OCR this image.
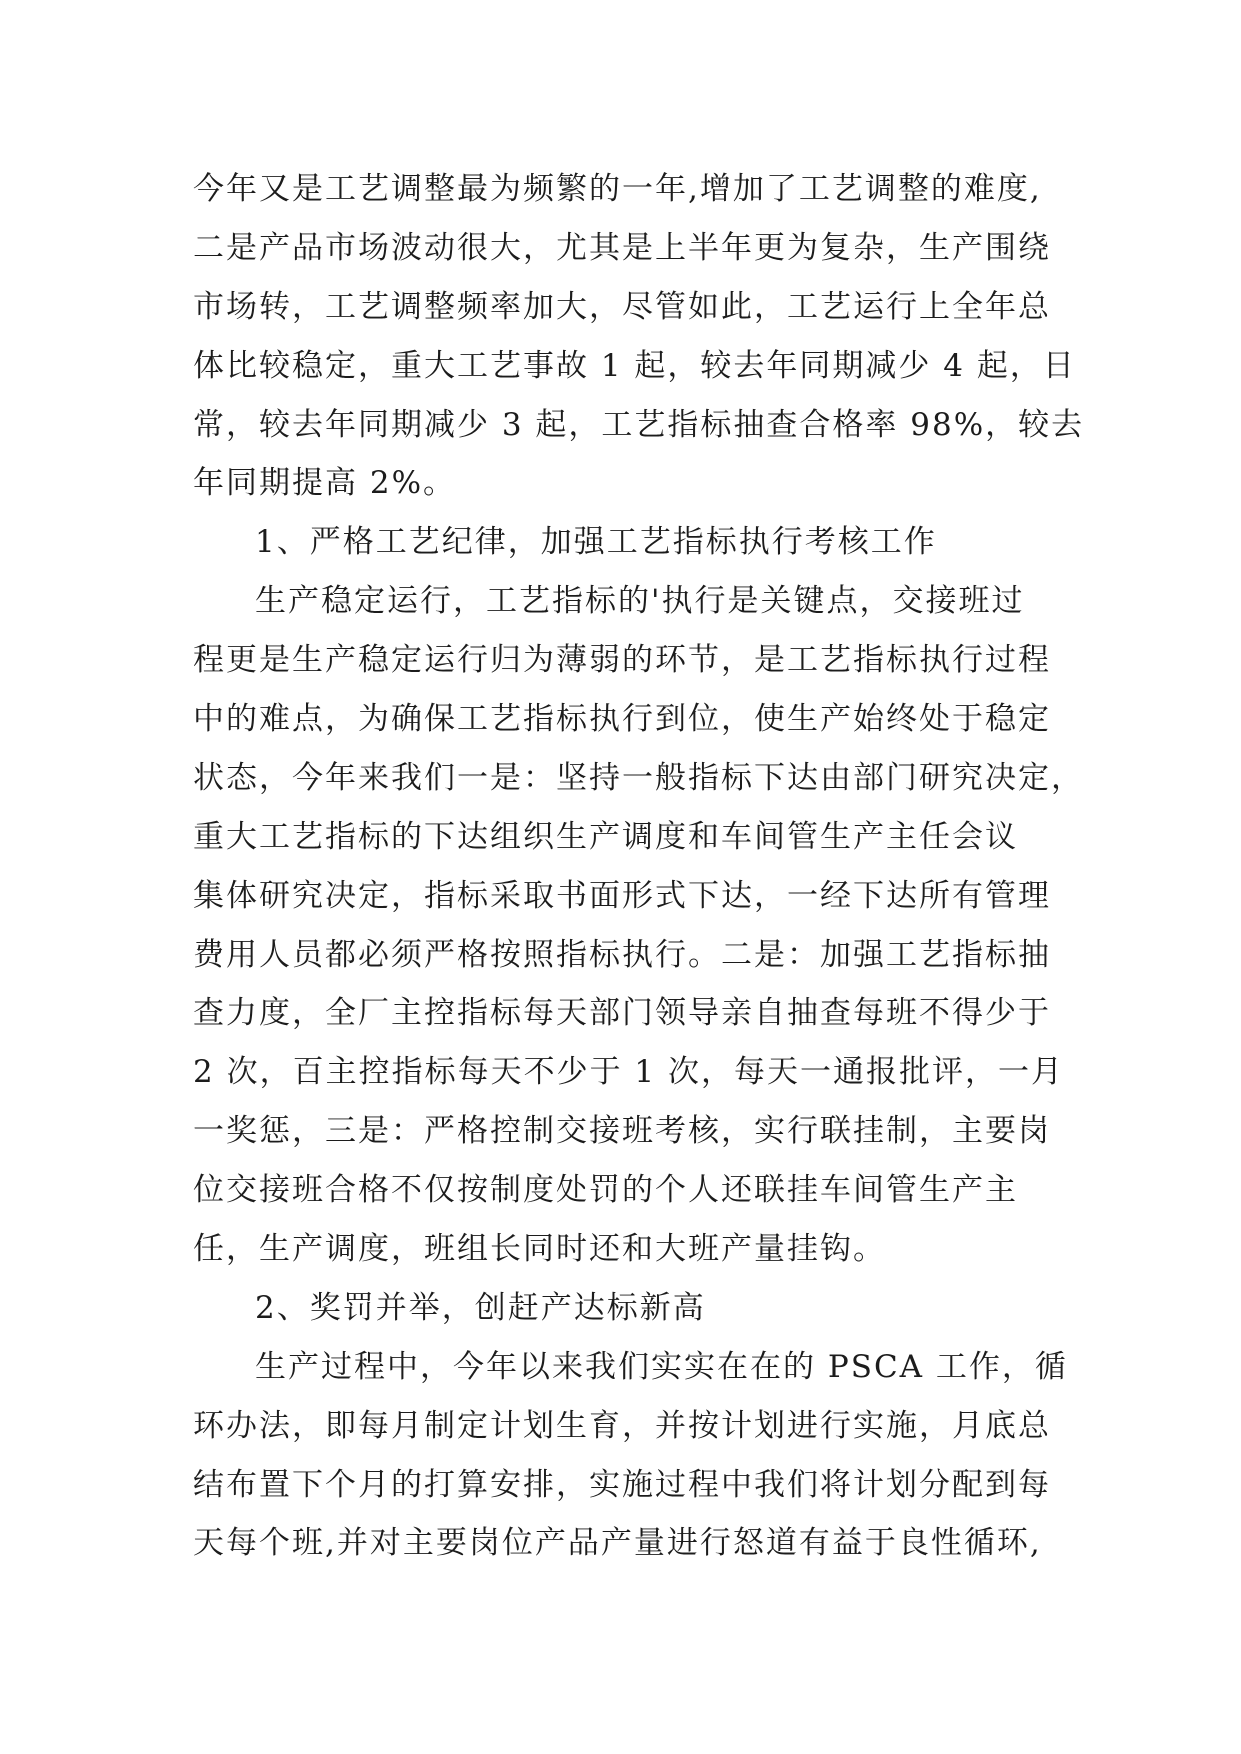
今年又是工艺调整最为频繁的一年,增加了工艺调整的难度,
二是产品市场波动很大，尤其是上半年更为复杂，生产围绕
市场转，工艺调整频率加大，尽管如此，工艺运行上全年总
体比较稳定，重大工艺事故 1 起，较去年同期减少 4 起，日
常，较去年同期减少 3 起，工艺指标抽查合格率 98%，较去
年同期提高 2%。
1、严格工艺纪律，加强工艺指标执行考核工作
生产稳定运行，工艺指标的'执行是关键点，交接班过
程更是生产稳定运行归为薄弱的环节，是工艺指标执行过程
中的难点，为确保工艺指标执行到位，使生产始终处于稳定
状态，今年来我们一是：坚持一般指标下达由部门研究决定，
重大工艺指标的下达组织生产调度和车间管生产主任会议
集体研究决定，指标采取书面形式下达，一经下达所有管理
费用人员都必须严格按照指标执行。二是：加强工艺指标抽
查力度，全厂主控指标每天部门领导亲自抽查每班不得少于
2 次，百主控指标每天不少于 1 次，每天一通报批评，一月
一奖惩，三是：严格控制交接班考核，实行联挂制，主要岗
位交接班合格不仅按制度处罚的个人还联挂车间管生产主
任，生产调度，班组长同时还和大班产量挂钩。
2、奖罚并举，创赶产达标新高
生产过程中，今年以来我们实实在在的 PSCA 工作，循
环办法，即每月制定计划生育，并按计划进行实施，月底总
结布置下个月的打算安排，实施过程中我们将计划分配到每
天每个班,并对主要岗位产品产量进行怒道有益于良性循环,
